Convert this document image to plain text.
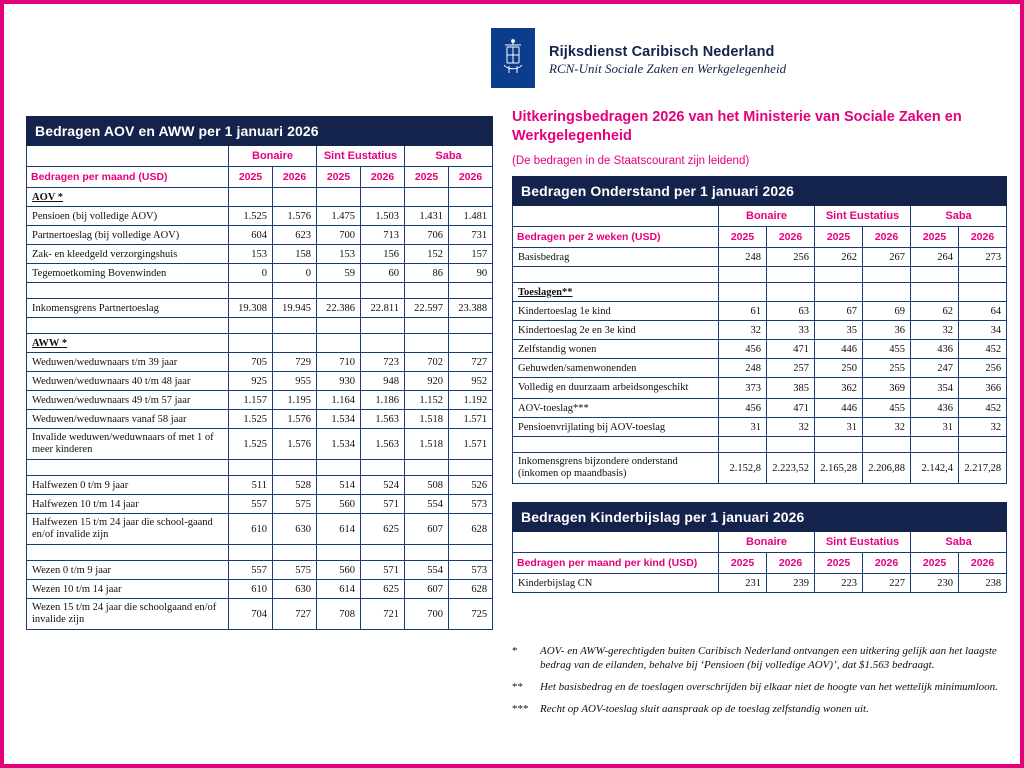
Rijksdienst Caribisch Nederland
RCN-Unit Sociale Zaken en Werkgelegenheid
Bedragen AOV en AWW per 1 januari 2026						
	Bonaire		Sint Eustatius		Saba	
Bedragen per maand (USD)	2025	2026	2025	2026	2025	2026
AOV *						
Pensioen (bij volledige AOV)	1.525	1.576	1.475	1.503	1.431	1.481
Partnertoeslag (bij volledige AOV)	604	623	700	713	706	731
Zak- en kleedgeld verzorgingshuis	153	158	153	156	152	157
Tegemoetkoming Bovenwinden	0	0	59	60	86	90

Inkomensgrens Partnertoeslag	19.308	19.945	22.386	22.811	22.597	23.388

AWW *						
Weduwen/weduwnaars t/m 39 jaar	705	729	710	723	702	727
Weduwen/weduwnaars 40 t/m 48 jaar	925	955	930	948	920	952
Weduwen/weduwnaars 49 t/m 57 jaar	1.157	1.195	1.164	1.186	1.152	1.192
Weduwen/weduwnaars vanaf 58 jaar	1.525	1.576	1.534	1.563	1.518	1.571
Invalide weduwen/weduwnaars of met 1 of meer kinderen	1.525	1.576	1.534	1.563	1.518	1.571

Halfwezen 0 t/m 9 jaar	511	528	514	524	508	526
Halfwezen 10 t/m 14 jaar	557	575	560	571	554	573
Halfwezen 15 t/m 24 jaar die school-gaand en/of invalide zijn	610	630	614	625	607	628

Wezen 0 t/m 9 jaar	557	575	560	571	554	573
Wezen 10 t/m 14 jaar	610	630	614	625	607	628
Wezen 15 t/m 24 jaar die schoolgaand en/of invalide zijn	704	727	708	721	700	725
Uitkeringsbedragen 2026 van het Ministerie van Sociale Zaken en Werkgelegenheid
(De bedragen in de Staatscourant zijn leidend)
Bedragen Onderstand per 1 januari 2026						
	Bonaire		Sint Eustatius		Saba	
Bedragen per 2 weken (USD)	2025	2026	2025	2026	2025	2026
Basisbedrag	248	256	262	267	264	273

Toeslagen**						
Kindertoeslag 1e kind	61	63	67	69	62	64
Kindertoeslag 2e en 3e kind	32	33	35	36	32	34
Zelfstandig wonen	456	471	446	455	436	452
Gehuwden/samenwonenden	248	257	250	255	247	256
Volledig en duurzaam arbeidsongeschikt	373	385	362	369	354	366
AOV-toeslag***	456	471	446	455	436	452
Pensioenvrijlating bij AOV-toeslag	31	32	31	32	31	32

Inkomensgrens bijzondere onderstand (inkomen op maandbasis)	2.152,8	2.223,52	2.165,28	2.206,88	2.142,4	2.217,28
Bedragen Kinderbijslag per 1 januari 2026						
	Bonaire		Sint Eustatius		Saba	
Bedragen per maand per kind (USD)	2025	2026	2025	2026	2025	2026
Kinderbijslag CN	231	239	223	227	230	238
*	AOV- en AWW-gerechtigden buiten Caribisch Nederland ontvangen een uitkering gelijk aan het laagste bedrag van de eilanden, behalve bij ‘Pensioen (bij volledige AOV)’, dat $1.563 bedraagt.
**	Het basisbedrag en de toeslagen overschrijden bij elkaar niet de hoogte van het wettelijk minimumloon.
***	Recht op AOV-toeslag sluit aanspraak op de toeslag zelfstandig wonen uit.
